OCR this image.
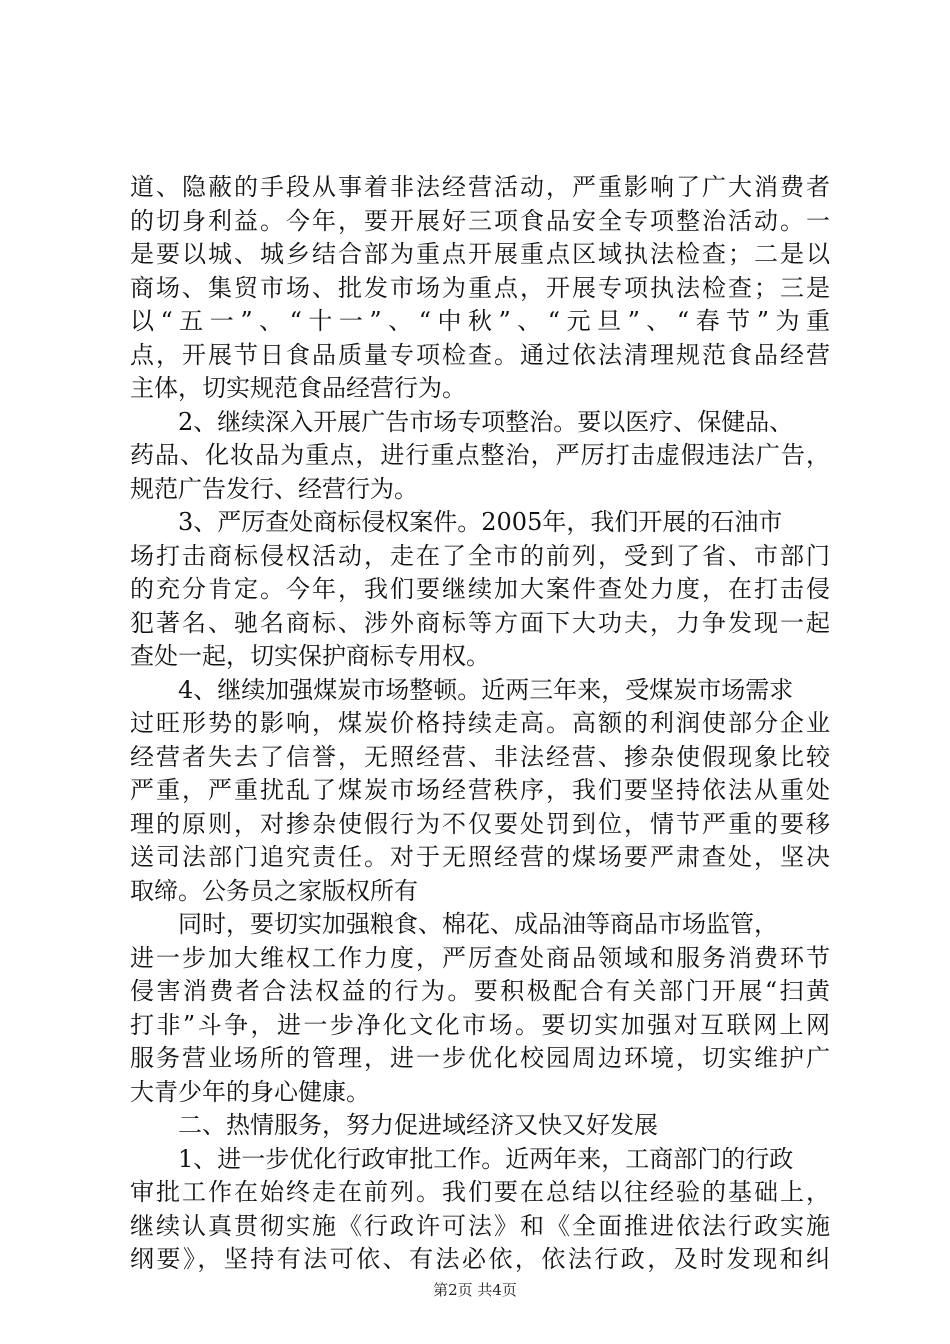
道、隐蔽的手段从事着非法经营活动，严重影响了广大消费者
的切身利益。今年，要开展好三项食品安全专项整治活动。一
是要以城、城乡结合部为重点开展重点区域执法检查；二是以
商场、集贸市场、批发市场为重点，开展专项执法检查；三是
以“五一”、“十一”、“中秋”、“元旦”、“春节”为重
点，开展节日食品质量专项检查。通过依法清理规范食品经营
主体，切实规范食品经营行为。
2、继续深入开展广告市场专项整治。要以医疗、保健品、
药品、化妆品为重点，进行重点整治，严厉打击虚假违法广告，
规范广告发行、经营行为。
3、严厉查处商标侵权案件。2005年，我们开展的石油市
场打击商标侵权活动，走在了全市的前列，受到了省、市部门
的充分肯定。今年，我们要继续加大案件查处力度，在打击侵
犯著名、驰名商标、涉外商标等方面下大功夫，力争发现一起
查处一起，切实保护商标专用权。
4、继续加强煤炭市场整顿。近两三年来，受煤炭市场需求
过旺形势的影响，煤炭价格持续走高。高额的利润使部分企业
经营者失去了信誉，无照经营、非法经营、掺杂使假现象比较
严重，严重扰乱了煤炭市场经营秩序，我们要坚持依法从重处
理的原则，对掺杂使假行为不仅要处罚到位，情节严重的要移
送司法部门追究责任。对于无照经营的煤场要严肃查处，坚决
取缔。公务员之家版权所有
同时，要切实加强粮食、棉花、成品油等商品市场监管，
进一步加大维权工作力度，严厉查处商品领域和服务消费环节
侵害消费者合法权益的行为。要积极配合有关部门开展“扫黄
打非”斗争，进一步净化文化市场。要切实加强对互联网上网
服务营业场所的管理，进一步优化校园周边环境，切实维护广
大青少年的身心健康。
二、热情服务，努力促进域经济又快又好发展
1、进一步优化行政审批工作。近两年来，工商部门的行政
审批工作在始终走在前列。我们要在总结以往经验的基础上，
继续认真贯彻实施《行政许可法》和《全面推进依法行政实施
纲要》，坚持有法可依、有法必依，依法行政，及时发现和纠
第2页 共4页
